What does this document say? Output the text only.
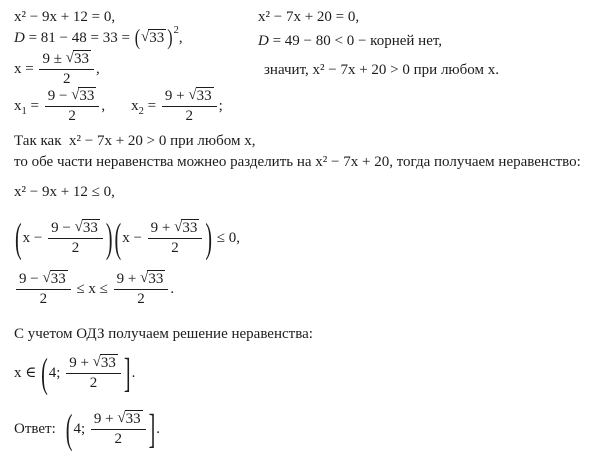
x² − 9x + 12 = 0,
D = 81 − 48 = 33 = (√33 )$^2$,
$x = \frac{9 \pm √33}{2}$ ,
$x_1 = \frac{9 - √33}{2}$ , $x_2 = \frac{9 + √33}{2}$ ;
x² − 7x + 20 = 0,
D = 49 − 80 < 0 − корней нет,
значит, x² − 7x + 20 > 0 при любом x.
Так как  x² − 7x + 20 > 0 при любом x,
то обе части неравенства можнео разделить на x² − 7x + 20, тогда получаем неравенство:
x² − 9x + 12 ≤ 0,
($x - \frac{9 - √33}{2}$ ) ($x - \frac{9 + √33}{2}$ ) ≤ 0,
$\frac{9 - √33}{2} \le x \le \frac{9 + √33}{2}$ .
С учетом ОДЗ получаем решение неравенства:
x ∈ (4; $\frac{9 + √33}{2}$ ].
Ответ: (4; $\frac{9 + √33}{2}$ ].
